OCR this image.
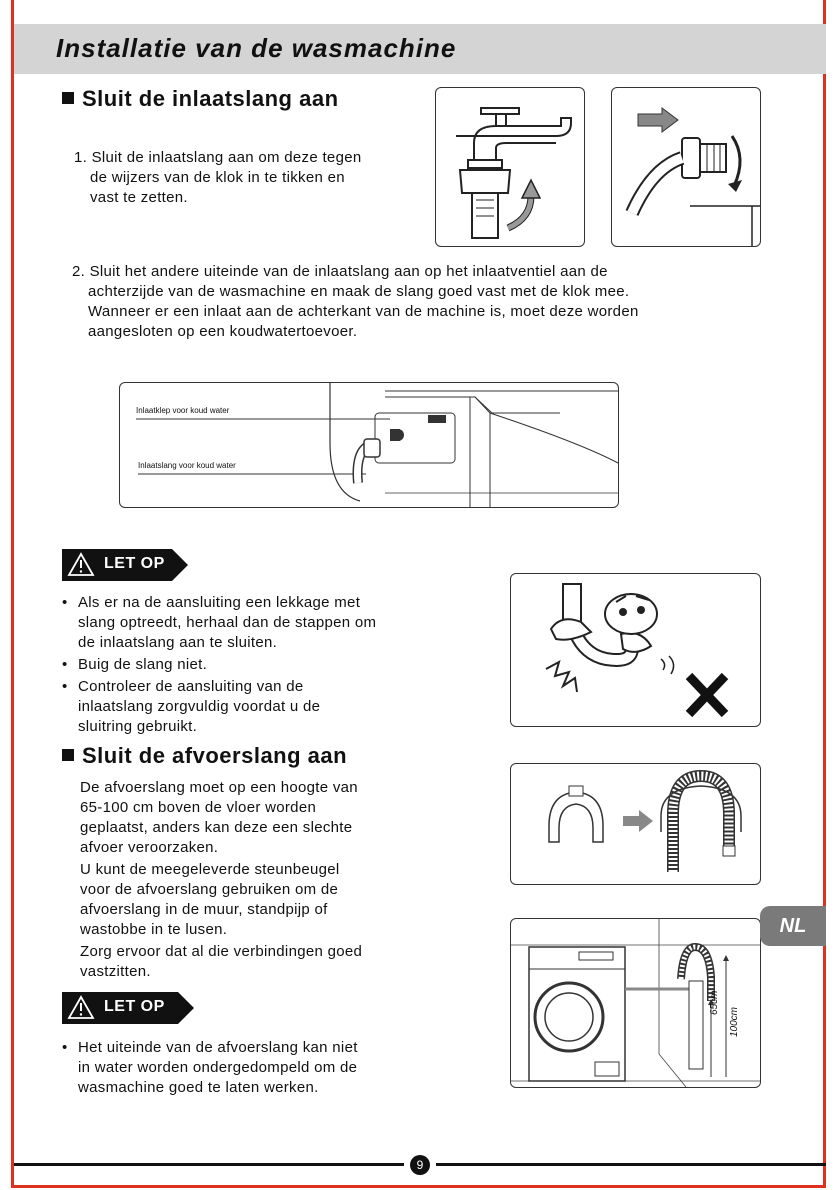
Installatie van de wasmachine
Sluit de inlaatslang aan

1. Sluit de inlaatslang aan om deze tegen

de wijzers van de klok in te tikken en

vast te zetten.

2. Sluit het andere uiteinde van de inlaatslang aan op het inlaatventiel aan de

achterzijde van de wasmachine en maak de slang goed vast met de klok mee.

Wanneer er een inlaat aan de achterkant van de machine is, moet deze worden

aangesloten op een koudwatertoevoer.

Inlaatklep voor koud water
Inlaatslang voor koud water
LET OP
• Als er na de aansluiting een lekkage met
slang optreedt, herhaal dan de stappen om
de inlaatslang aan te sluiten.
• Buig de slang niet.
• Controleer de aansluiting van de
inlaatslang zorgvuldig voordat u de
sluitring gebruikt.
Sluit de afvoerslang aan

De afvoerslang moet op een hoogte van

65-100 cm boven de vloer worden

geplaatst, anders kan deze een slechte

afvoer veroorzaken.

U kunt de meegeleverde steunbeugel

voor de afvoerslang gebruiken om de

afvoerslang in de muur, standpijp of

wastobbe in te lusen.

Zorg ervoor dat al die verbindingen goed

vastzitten.

65cm
100cm
LET OP
• Het uiteinde van de afvoerslang kan niet
in water worden ondergedompeld om de
wasmachine goed te laten werken.
NL
9
